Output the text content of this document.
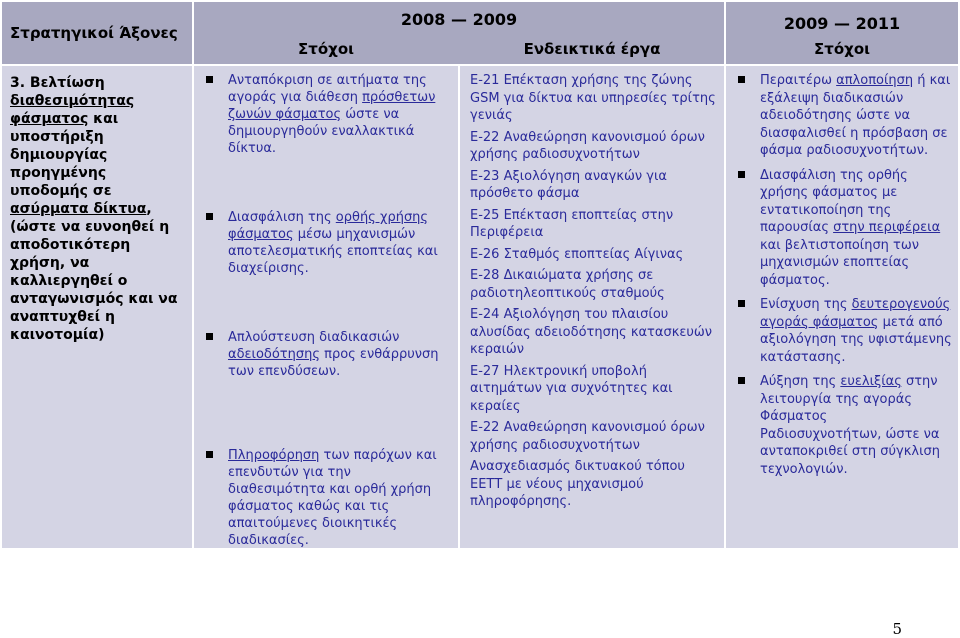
Στρατηγικοί Άξονες
2008 — 2009
Στόχοι	Ενδεικτικά έργα
2009 — 2011
Στόχοι
3. Βελτίωση
διαθεσιμότητας φάσματος και υποστήριξη δημιουργίας προηγμένης υποδομής σε ασύρματα δίκτυα, (ώστε να ευνοηθεί η αποδοτικότερη χρήση, να καλλιεργηθεί ο ανταγωνισμός και να αναπτυχθεί η καινοτομία)
Ανταπόκριση σε αιτήματα της αγοράς για διάθεση πρόσθετων ζωνών φάσματος ώστε να δημιουργηθούν εναλλακτικά δίκτυα.
Διασφάλιση της ορθής χρήσης φάσματος μέσω μηχανισμών αποτελεσματικής εποπτείας και διαχείρισης.
Απλούστευση διαδικασιών αδειοδότησης προς ενθάρρυνση των επενδύσεων.
Πληροφόρηση των παρόχων και επενδυτών για την διαθεσιμότητα και ορθή χρήση φάσματος καθώς και τις απαιτούμενες διοικητικές διαδικασίες.
Ε-21 Επέκταση χρήσης της ζώνης GSM για δίκτυα και υπηρεσίες τρίτης γενιάς
Ε-22 Αναθεώρηση κανονισμού όρων χρήσης ραδιοσυχνοτήτων
Ε-23 Αξιολόγηση αναγκών για πρόσθετο φάσμα
Ε-25 Επέκταση εποπτείας στην Περιφέρεια
Ε-26 Σταθμός εποπτείας Αίγινας
Ε-28 Δικαιώματα χρήσης σε ραδιοτηλεοπτικούς σταθμούς
Ε-24 Αξιολόγηση του πλαισίου αλυσίδας αδειοδότησης κατασκευών κεραιών
Ε-27 Ηλεκτρονική υποβολή αιτημάτων για συχνότητες και κεραίες
Ε-22 Αναθεώρηση κανονισμού όρων χρήσης ραδιοσυχνοτήτων
Ανασχεδιασμός δικτυακού τόπου ΕΕΤΤ με νέους μηχανισμού πληροφόρησης.
Περαιτέρω απλοποίηση ή και εξάλειψη διαδικασιών αδειοδότησης ώστε να διασφαλισθεί η πρόσβαση σε φάσμα ραδιοσυχνοτήτων.
Διασφάλιση της ορθής χρήσης φάσματος με εντατικοποίηση της παρουσίας στην περιφέρεια και βελτιστοποίηση των μηχανισμών εποπτείας φάσματος.
Ενίσχυση της δευτερογενούς αγοράς φάσματος μετά από αξιολόγηση της υφιστάμενης κατάστασης.
Αύξηση της ευελιξίας στην λειτουργία της αγοράς Φάσματος Ραδιοσυχνοτήτων, ώστε να ανταποκριθεί στη σύγκλιση τεχνολογιών.
5
